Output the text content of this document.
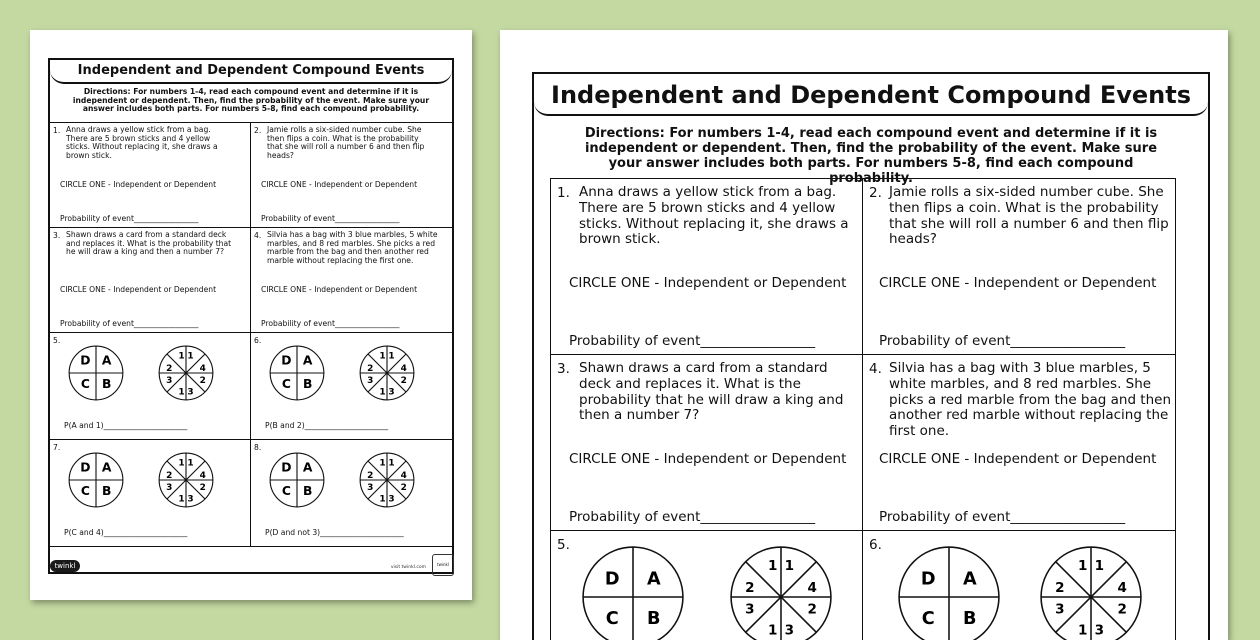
Independent and Dependent Compound Events
Directions: For numbers 1-4, read each compound event and determine if it is independent or dependent. Then, find the probability of the event. Make sure your answer includes both parts. For numbers 5-8, find each compound probability.
1. Anna draws a yellow stick from a bag. There are 5 brown sticks and 4 yellow sticks. Without replacing it, she draws a brown stick.
CIRCLE ONE - Independent or Dependent
Probability of event_________________
2. Jamie rolls a six-sided number cube. She then flips a coin. What is the probability that she will roll a number 6 and then flip heads?
CIRCLE ONE - Independent or Dependent
Probability of event_________________
3. Shawn draws a card from a standard deck and replaces it. What is the probability that he will draw a king and then a number 7?
CIRCLE ONE - Independent or Dependent
Probability of event_________________
4. Silvia has a bag with 3 blue marbles, 5 white marbles, and 8 red marbles. She picks a red marble from the bag and then another red marble without replacing the first one.
CIRCLE ONE - Independent or Dependent
Probability of event_________________
5.
D A
C B
1 1
2 4
3 2
1 3
P(A and 1)______________________
6.
D A
C B
1 1
2 4
3 2
1 3
P(B and 2)______________________
7.
D A
C B
1 1
2 4
3 2
1 3
P(C and 4)______________________
8.
D A
C B
1 1
2 4
3 2
1 3
P(D and not 3)______________________
twinkl	visit twinkl.com
twinkl
Independent and Dependent Compound Events
Directions: For numbers 1-4, read each compound event and determine if it is independent or dependent. Then, find the probability of the event. Make sure your answer includes both parts. For numbers 5-8, find each compound probability.
1. Anna draws a yellow stick from a bag. There are 5 brown sticks and 4 yellow sticks. Without replacing it, she draws a brown stick.
CIRCLE ONE - Independent or Dependent
Probability of event_________________
2. Jamie rolls a six-sided number cube. She then flips a coin. What is the probability that she will roll a number 6 and then flip heads?
CIRCLE ONE - Independent or Dependent
Probability of event_________________
3. Shawn draws a card from a standard deck and replaces it. What is the probability that he will draw a king and then a number 7?
CIRCLE ONE - Independent or Dependent
Probability of event_________________
4. Silvia has a bag with 3 blue marbles, 5 white marbles, and 8 red marbles. She picks a red marble from the bag and then another red marble without replacing the first one.
CIRCLE ONE - Independent or Dependent
Probability of event_________________
5.
D A
C B
1 1
2	4
3	2
1 3
6.
D A
C B
1 1
2	4
3	2
1 3
